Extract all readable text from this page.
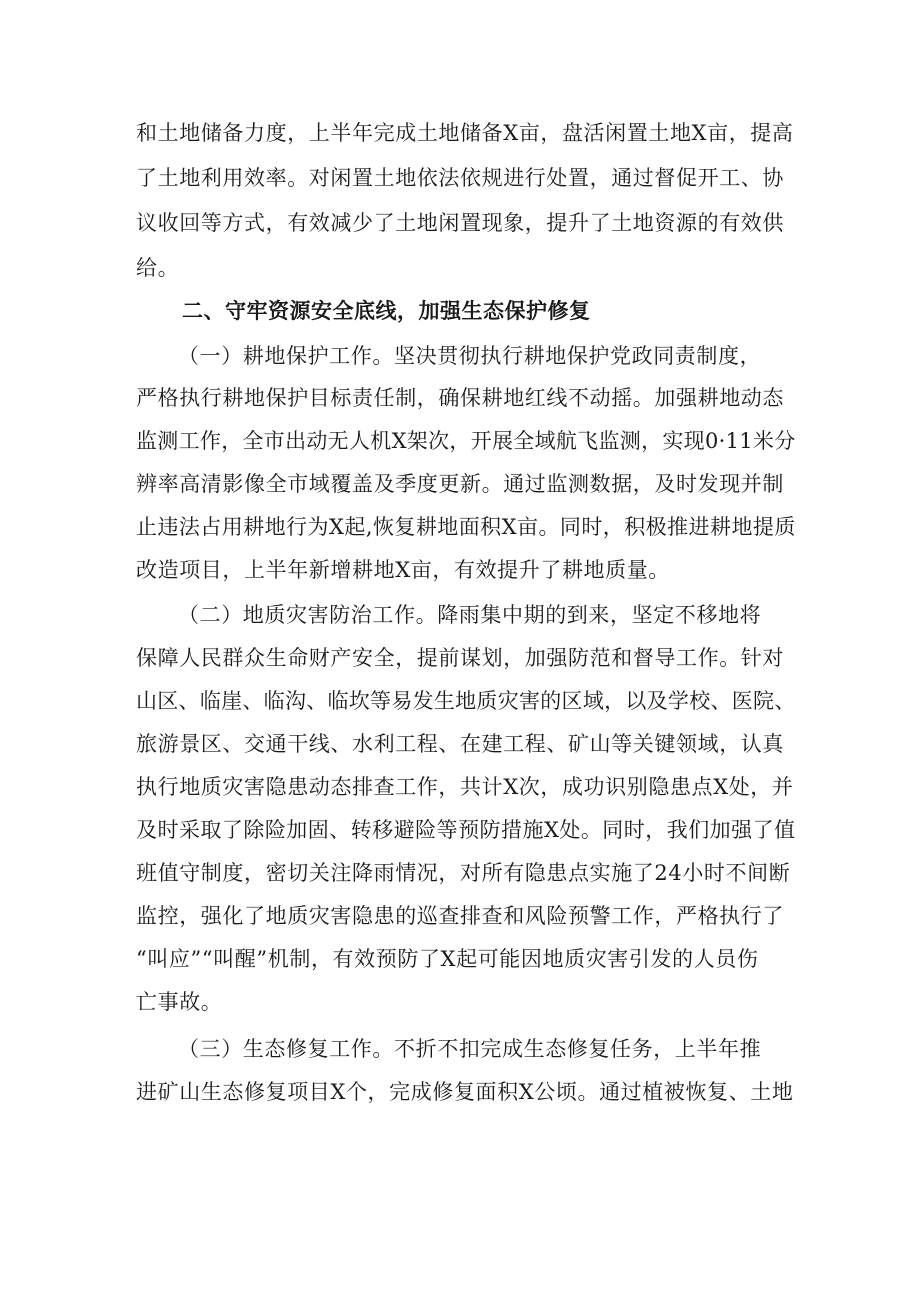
和土地储备力度，上半年完成土地储备X亩，盘活闲置土地X亩，提高
了土地利用效率。对闲置土地依法依规进行处置，通过督促开工、协
议收回等方式，有效减少了土地闲置现象，提升了土地资源的有效供
给。
二、守牢资源安全底线，加强生态保护修复
（一）耕地保护工作。坚决贯彻执行耕地保护党政同责制度，
严格执行耕地保护目标责任制，确保耕地红线不动摇。加强耕地动态
监测工作，全市出动无人机X架次，开展全域航飞监测，实现0·11米分
辨率高清影像全市域覆盖及季度更新。通过监测数据，及时发现并制
止违法占用耕地行为X起,恢复耕地面积X亩。同时，积极推进耕地提质
改造项目，上半年新增耕地X亩，有效提升了耕地质量。
（二）地质灾害防治工作。降雨集中期的到来，坚定不移地将
保障人民群众生命财产安全，提前谋划，加强防范和督导工作。针对
山区、临崖、临沟、临坎等易发生地质灾害的区域，以及学校、医院、
旅游景区、交通干线、水利工程、在建工程、矿山等关键领域，认真
执行地质灾害隐患动态排查工作，共计X次，成功识别隐患点X处，并
及时采取了除险加固、转移避险等预防措施X处。同时，我们加强了值
班值守制度，密切关注降雨情况，对所有隐患点实施了24小时不间断
监控，强化了地质灾害隐患的巡查排查和风险预警工作，严格执行了
“叫应”“叫醒”机制，有效预防了X起可能因地质灾害引发的人员伤
亡事故。
（三）生态修复工作。不折不扣完成生态修复任务，上半年推
进矿山生态修复项目X个，完成修复面积X公顷。通过植被恢复、土地
